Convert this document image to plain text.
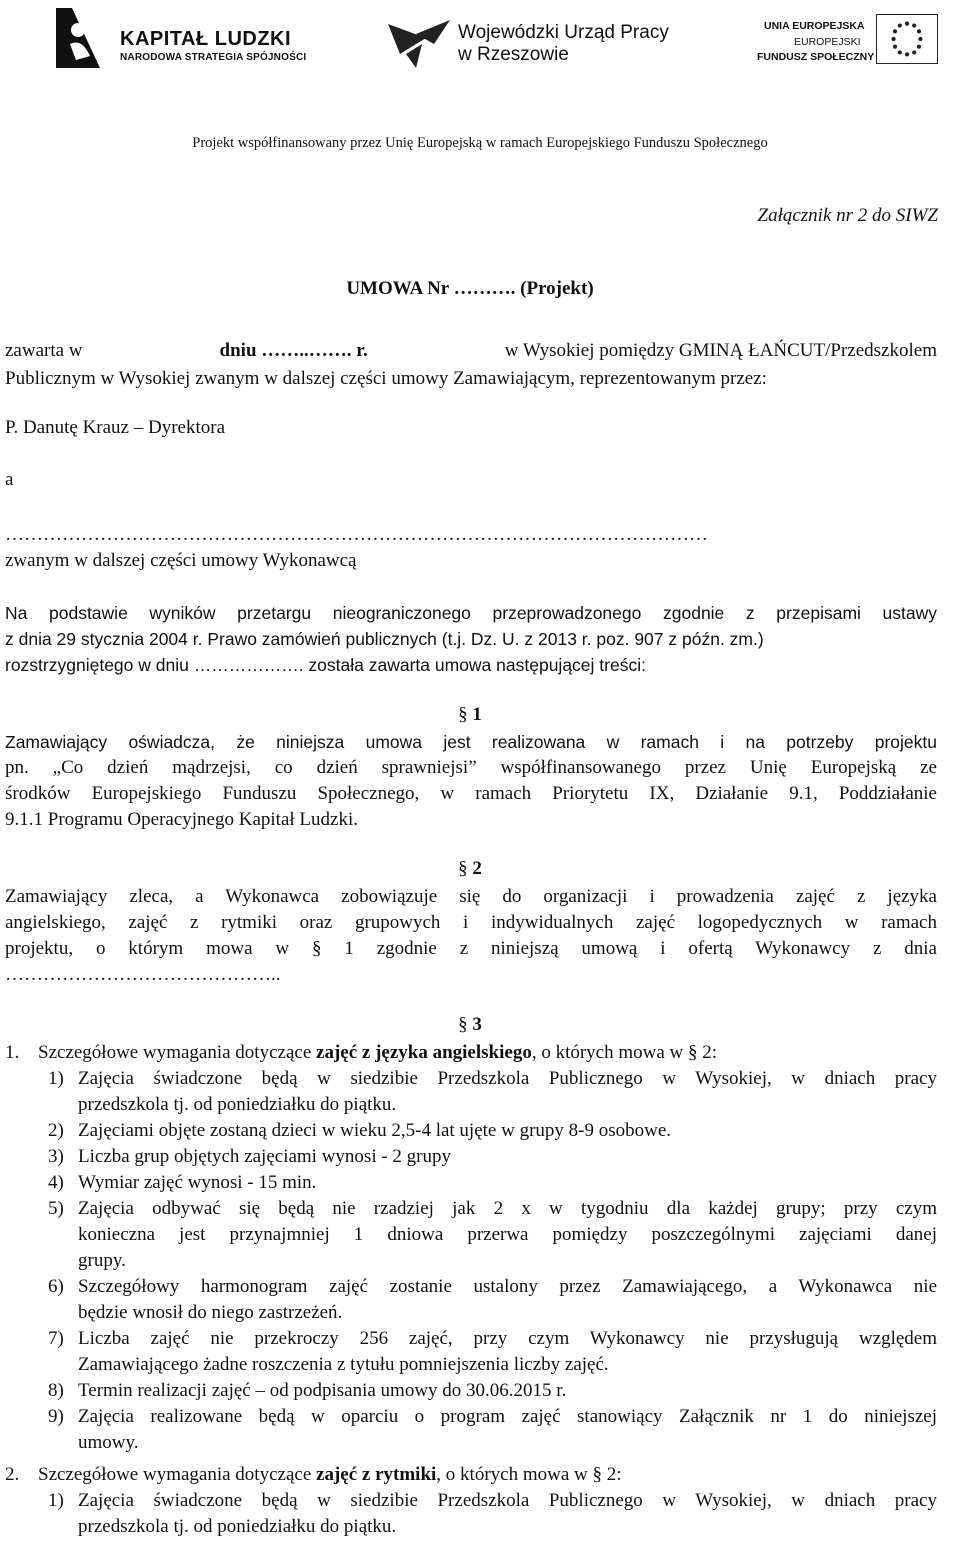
KAPITAŁ LUDZKI
NARODOWA STRATEGIA SPÓJNOŚCI
Wojewódzki Urząd Pracy
w Rzeszowie
UNIA EUROPEJSKA
EUROPEJSKI
FUNDUSZ SPOŁECZNY
Projekt współfinansowany przez Unię Europejską w ramach Europejskiego Funduszu Społecznego
Załącznik nr 2 do SIWZ
UMOWA Nr ………. (Projekt)
zawarta w	dniu ……..……. r.	w Wysokiej pomiędzy GMINĄ ŁAŃCUT/Przedszkolem
Publicznym w Wysokiej zwanym w dalszej części umowy Zamawiającym, reprezentowanym przez:
P. Danutę Krauz – Dyrektora
a
…………………………………………………………………………………………………
zwanym w dalszej części umowy Wykonawcą
Na podstawie wyników przetargu nieograniczonego przeprowadzonego zgodnie z przepisami ustawy
z dnia 29 stycznia 2004 r. Prawo zamówień publicznych (t.j. Dz. U. z 2013 r. poz. 907 z późn. zm.)
rozstrzygniętego w dniu ………………. została zawarta umowa następującej treści:
§ 1
Zamawiający oświadcza, że niniejsza umowa jest realizowana w ramach i na potrzeby projektu
pn. „Co dzień mądrzejsi, co dzień sprawniejsi” współfinansowanego przez Unię Europejską ze
środków Europejskiego Funduszu Społecznego, w ramach Priorytetu IX, Działanie 9.1, Poddziałanie
9.1.1 Programu Operacyjnego Kapitał Ludzki.
§ 2
Zamawiający zleca, a Wykonawca zobowiązuje się do organizacji i prowadzenia zajęć z języka
angielskiego, zajęć z rytmiki oraz grupowych i indywidualnych zajęć logopedycznych w ramach
projektu, o którym mowa w § 1 zgodnie z niniejszą umową i ofertą Wykonawcy z dnia
……………………………………..
§ 3
1. Szczegółowe wymagania dotyczące zajęć z języka angielskiego, o których mowa w § 2:
1) Zajęcia świadczone będą w siedzibie Przedszkola Publicznego w Wysokiej, w dniach pracy
przedszkola tj. od poniedziałku do piątku.
2) Zajęciami objęte zostaną dzieci w wieku 2,5-4 lat ujęte w grupy 8-9 osobowe.
3) Liczba grup objętych zajęciami wynosi - 2 grupy
4) Wymiar zajęć wynosi - 15 min.
5) Zajęcia odbywać się będą nie rzadziej jak 2 x w tygodniu dla każdej grupy; przy czym
konieczna jest przynajmniej 1 dniowa przerwa pomiędzy poszczególnymi zajęciami danej
grupy.
6) Szczegółowy harmonogram zajęć zostanie ustalony przez Zamawiającego, a Wykonawca nie
będzie wnosił do niego zastrzeżeń.
7) Liczba zajęć nie przekroczy 256 zajęć, przy czym Wykonawcy nie przysługują względem
Zamawiającego żadne roszczenia z tytułu pomniejszenia liczby zajęć.
8) Termin realizacji zajęć – od podpisania umowy do 30.06.2015 r.
9) Zajęcia realizowane będą w oparciu o program zajęć stanowiący Załącznik nr 1 do niniejszej
umowy.
2. Szczegółowe wymagania dotyczące zajęć z rytmiki, o których mowa w § 2:
1) Zajęcia świadczone będą w siedzibie Przedszkola Publicznego w Wysokiej, w dniach pracy
przedszkola tj. od poniedziałku do piątku.
